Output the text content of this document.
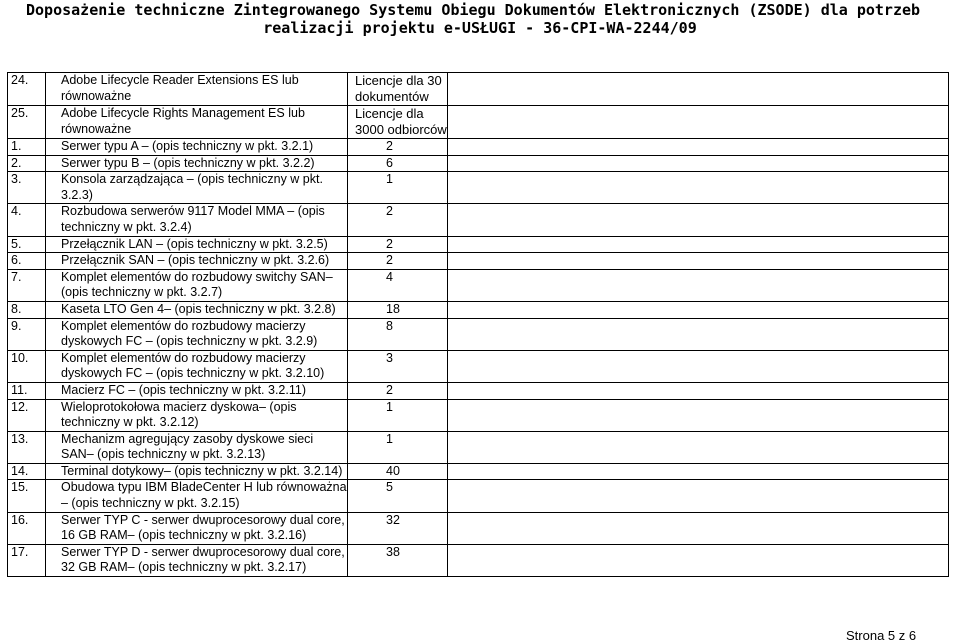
Doposażenie techniczne Zintegrowanego Systemu Obiegu Dokumentów Elektronicznych (ZSODE) dla potrzeb
realizacji projektu e-USŁUGI - 36-CPI-WA-2244/09
24.	Adobe Lifecycle Reader Extensions ES lub równoważne	Licencje dla 30 dokumentów	
25.	Adobe Lifecycle Rights Management ES lub równoważne	Licencje dla 3000 odbiorców	
1.	Serwer typu A – (opis techniczny w pkt. 3.2.1)	2	
2.	Serwer typu B – (opis techniczny w pkt. 3.2.2)	6	
3.	Konsola zarządzająca – (opis techniczny w pkt. 3.2.3)	1	
4.	Rozbudowa serwerów 9117 Model MMA – (opis techniczny w pkt. 3.2.4)	2	
5.	Przełącznik LAN – (opis techniczny w pkt. 3.2.5)	2	
6.	Przełącznik SAN – (opis techniczny w pkt. 3.2.6)	2	
7.	Komplet elementów do rozbudowy switchy SAN– (opis techniczny w pkt. 3.2.7)	4	
8.	Kaseta LTO Gen 4– (opis techniczny w pkt. 3.2.8)	18	
9.	Komplet elementów do rozbudowy macierzy dyskowych FC – (opis techniczny w pkt. 3.2.9)	8	
10.	Komplet elementów do rozbudowy macierzy dyskowych FC – (opis techniczny w pkt. 3.2.10)	3	
11.	Macierz FC – (opis techniczny w pkt. 3.2.11)	2	
12.	Wieloprotokołowa macierz dyskowa– (opis techniczny w pkt. 3.2.12)	1	
13.	Mechanizm agregujący zasoby dyskowe sieci SAN– (opis techniczny w pkt. 3.2.13)	1	
14.	Terminal dotykowy– (opis techniczny w pkt. 3.2.14)	40	
15.	Obudowa typu IBM BladeCenter H lub równoważna – (opis techniczny w pkt. 3.2.15)	5	
16.	Serwer TYP C - serwer dwuprocesorowy dual core, 16 GB RAM– (opis techniczny w pkt. 3.2.16)	32	
17.	Serwer TYP D - serwer dwuprocesorowy dual core, 32 GB RAM– (opis techniczny w pkt. 3.2.17)	38	
Strona 5 z 6
